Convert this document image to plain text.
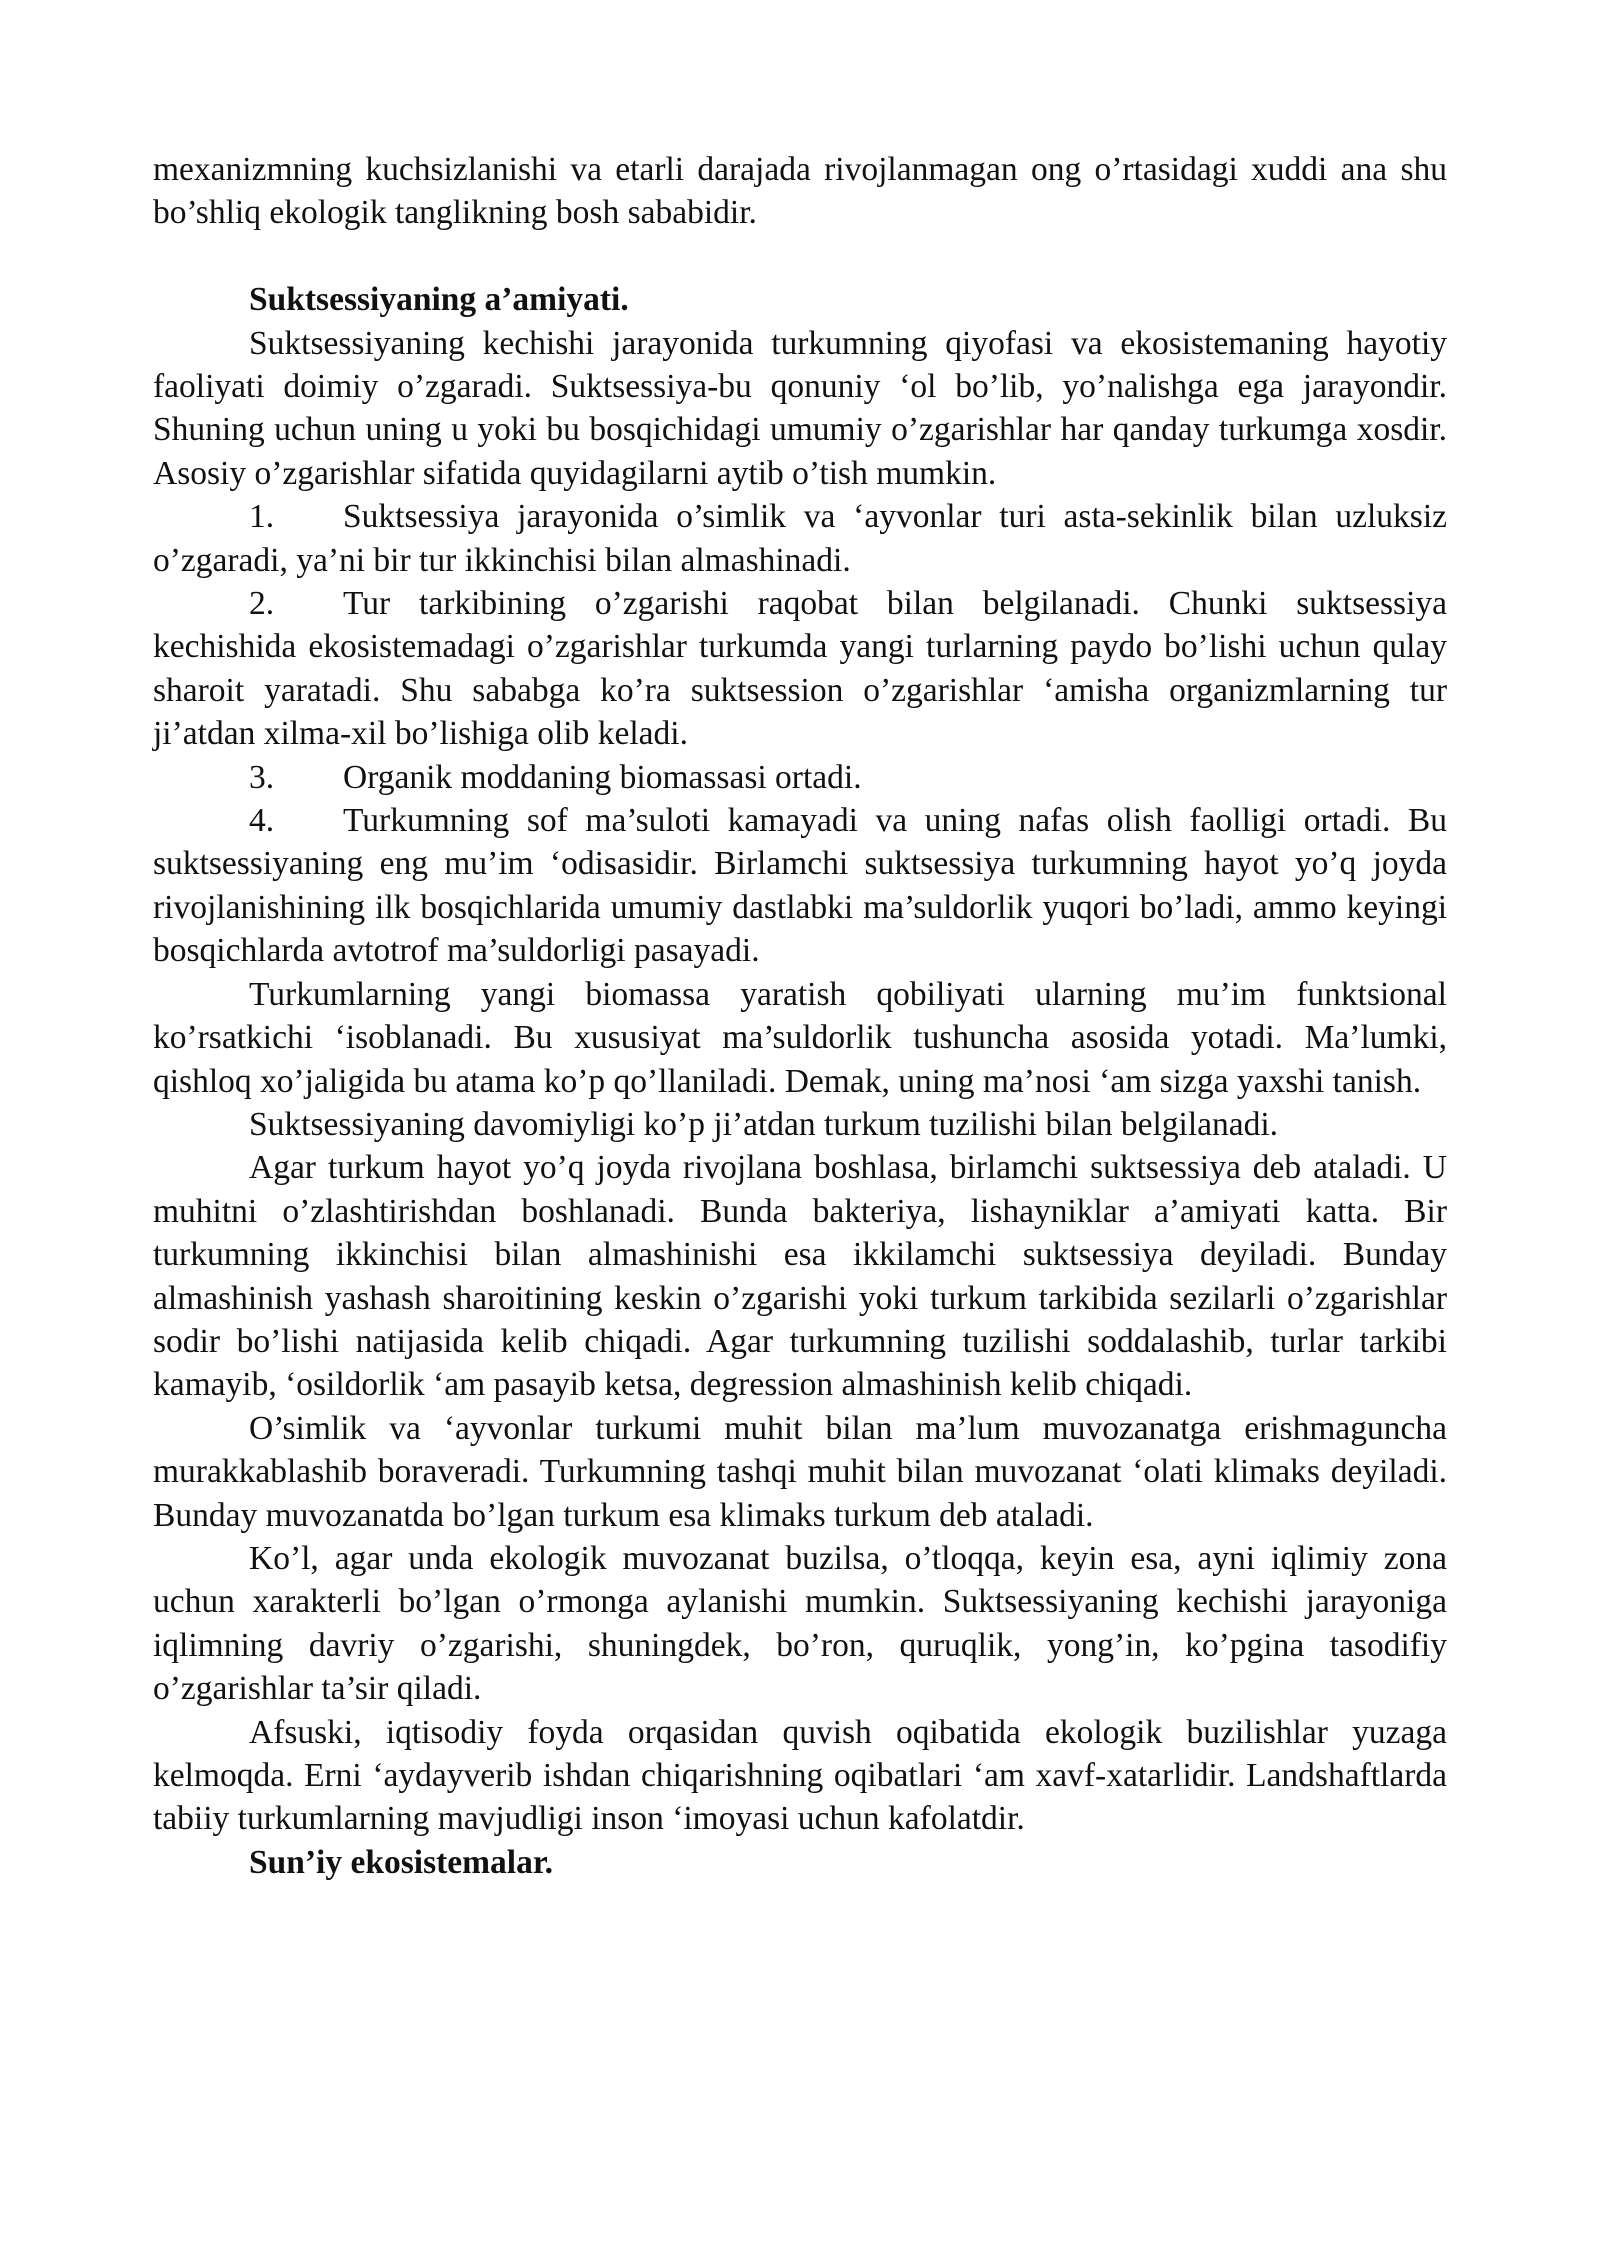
mexanizmning kuchsizlanishi va etarli darajada rivojlanmagan ong o’rtasidagi xuddi ana shu bo’shliq ekologik tanglikning bosh sababidir.

Suktsessiyaning a’amiyati.

Suktsessiyaning kechishi jarayonida turkumning qiyofasi va ekosistemaning hayotiy faoliyati doimiy o’zgaradi. Suktsessiya-bu qonuniy ‘ol bo’lib, yo’nalishga ega jarayondir. Shuning uchun uning u yoki bu bosqichidagi umumiy o’zgarishlar har qanday turkumga xosdir. Asosiy o’zgarishlar sifatida quyidagilarni aytib o’tish mumkin.

1. Suktsessiya jarayonida o’simlik va ‘ayvonlar turi asta-sekinlik bilan uzluksiz o’zgaradi, ya’ni bir tur ikkinchisi bilan almashinadi.

2. Tur tarkibining o’zgarishi raqobat bilan belgilanadi. Chunki suktsessiya kechishida ekosistemadagi o’zgarishlar turkumda yangi turlarning paydo bo’lishi uchun qulay sharoit yaratadi. Shu sababga ko’ra suktsession o’zgarishlar ‘amisha organizmlarning tur ji’atdan xilma-xil bo’lishiga olib keladi.

3. Organik moddaning biomassasi ortadi.

4. Turkumning sof ma’suloti kamayadi va uning nafas olish faolligi ortadi. Bu suktsessiyaning eng mu’im ‘odisasidir. Birlamchi suktsessiya turkumning hayot yo’q joyda rivojlanishining ilk bosqichlarida umumiy dastlabki ma’suldorlik yuqori bo’ladi, ammo keyingi bosqichlarda avtotrof ma’suldorligi pasayadi.

Turkumlarning yangi biomassa yaratish qobiliyati ularning mu’im funktsional ko’rsatkichi ‘isoblanadi. Bu xususiyat ma’suldorlik tushuncha asosida yotadi. Ma’lumki, qishloq xo’jaligida bu atama ko’p qo’llaniladi. Demak, uning ma’nosi ‘am sizga yaxshi tanish.

Suktsessiyaning davomiyligi ko’p ji’atdan turkum tuzilishi bilan belgilanadi.

Agar turkum hayot yo’q joyda rivojlana boshlasa, birlamchi suktsessiya deb ataladi. U muhitni o’zlashtirishdan boshlanadi. Bunda bakteriya, lishayniklar a’amiyati katta. Bir turkumning ikkinchisi bilan almashinishi esa ikkilamchi suktsessiya deyiladi. Bunday almashinish yashash sharoitining keskin o’zgarishi yoki turkum tarkibida sezilarli o’zgarishlar sodir bo’lishi natijasida kelib chiqadi. Agar turkumning tuzilishi soddalashib, turlar tarkibi kamayib, ‘osildorlik ‘am pasayib ketsa, degression almashinish kelib chiqadi.

O’simlik va ‘ayvonlar turkumi muhit bilan ma’lum muvozanatga erishmaguncha murakkablashib boraveradi. Turkumning tashqi muhit bilan muvozanat ‘olati klimaks deyiladi. Bunday muvozanatda bo’lgan turkum esa klimaks turkum deb ataladi.

Ko’l, agar unda ekologik muvozanat buzilsa, o’tloqqa, keyin esa, ayni iqlimiy zona uchun xarakterli bo’lgan o’rmonga aylanishi mumkin. Suktsessiyaning kechishi jarayoniga iqlimning davriy o’zgarishi, shuningdek, bo’ron, quruqlik, yong’in, ko’pgina tasodifiy o’zgarishlar ta’sir qiladi.

Afsuski, iqtisodiy foyda orqasidan quvish oqibatida ekologik buzilishlar yuzaga kelmoqda. Erni ‘aydayverib ishdan chiqarishning oqibatlari ‘am xavf-xatarlidir. Landshaftlarda tabiiy turkumlarning mavjudligi inson ‘imoyasi uchun kafolatdir.

Sun’iy ekosistemalar.
